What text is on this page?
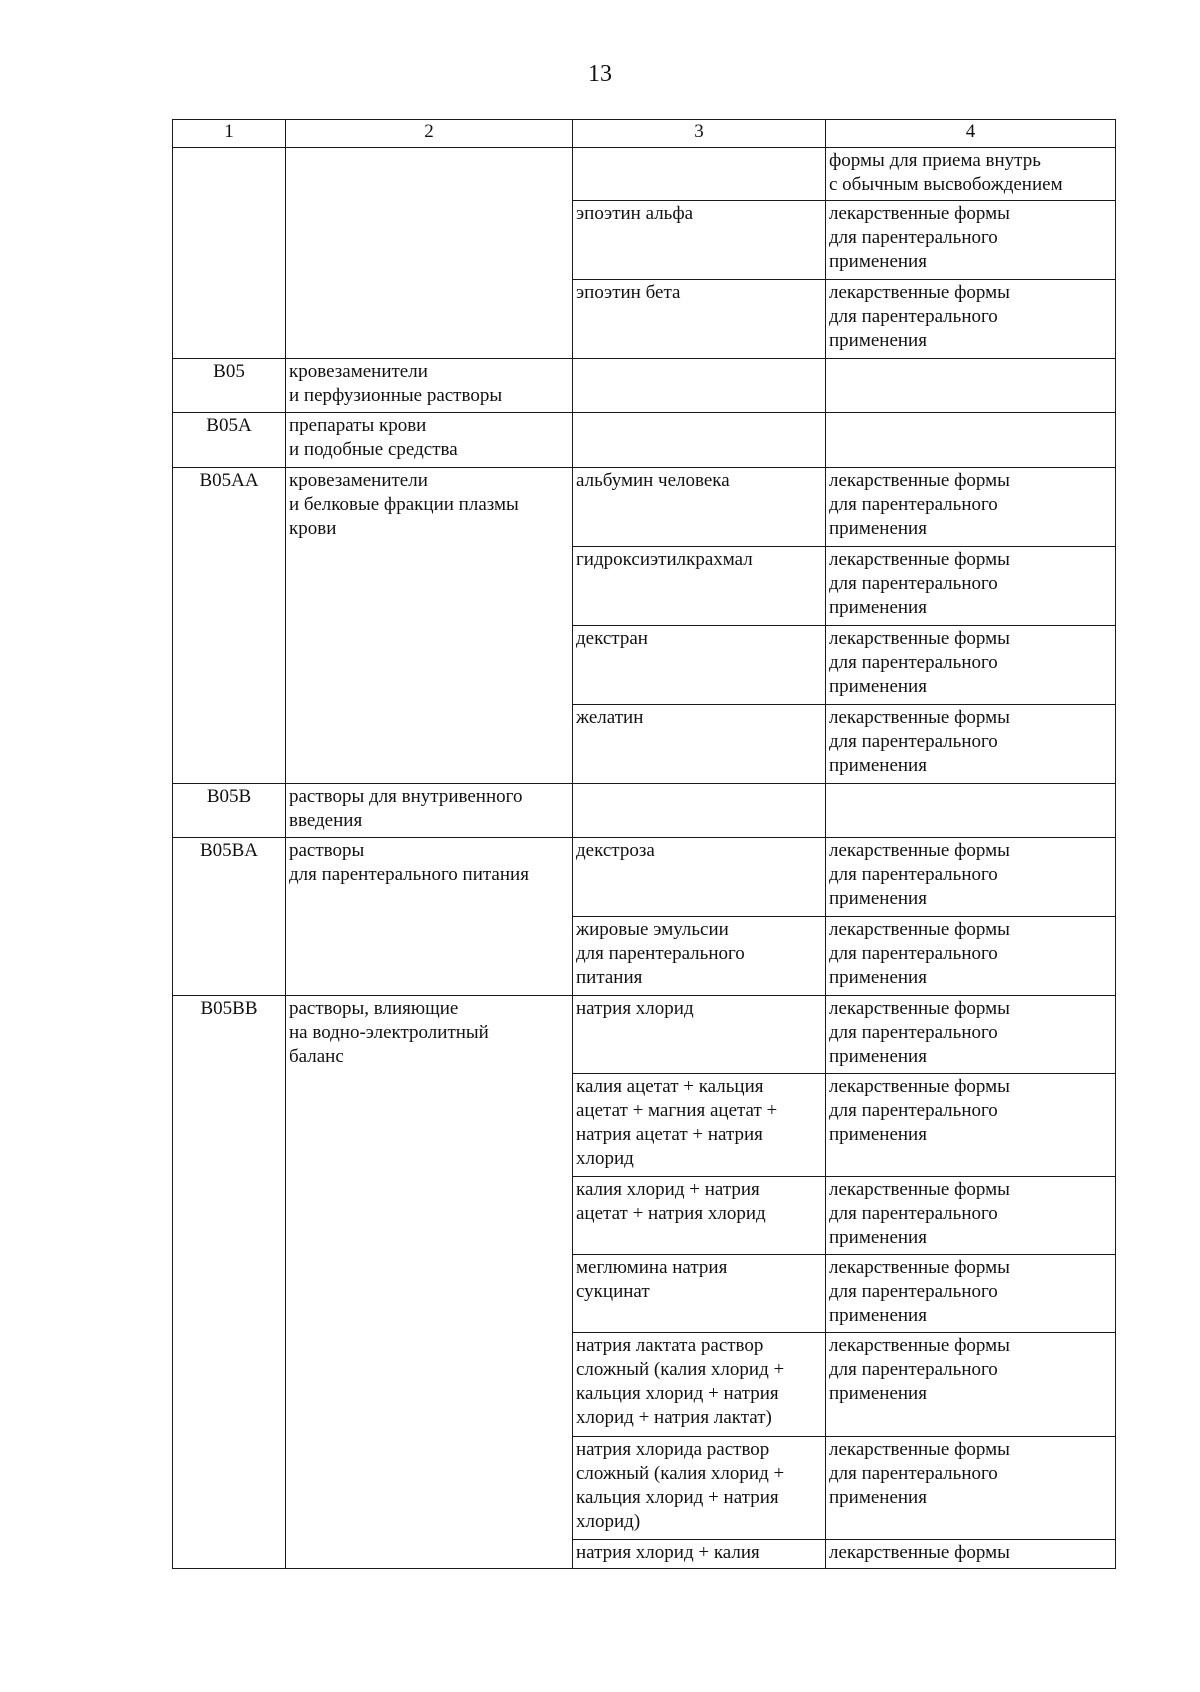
13
1	2	3	4
			формы для приема внутрь
с обычным высвобождением
		эпоэтин альфа	лекарственные формы
для парентерального
применения
		эпоэтин бета	лекарственные формы
для парентерального
применения
B05	кровезаменители
и перфузионные растворы		
B05A	препараты крови
и подобные средства		
B05AA	кровезаменители
и белковые фракции плазмы
крови	альбумин человека	лекарственные формы
для парентерального
применения
		гидроксиэтилкрахмал	лекарственные формы
для парентерального
применения
		декстран	лекарственные формы
для парентерального
применения
		желатин	лекарственные формы
для парентерального
применения
B05B	растворы для внутривенного
введения		
B05BA	растворы
для парентерального питания	декстроза	лекарственные формы
для парентерального
применения
		жировые эмульсии
для парентерального
питания	лекарственные формы
для парентерального
применения
B05BB	растворы, влияющие
на водно-электролитный
баланс	натрия хлорид	лекарственные формы
для парентерального
применения
		калия ацетат + кальция
ацетат + магния ацетат +
натрия ацетат + натрия
хлорид	лекарственные формы
для парентерального
применения
		калия хлорид + натрия
ацетат + натрия хлорид	лекарственные формы
для парентерального
применения
		меглюмина натрия
сукцинат	лекарственные формы
для парентерального
применения
		натрия лактата раствор
сложный (калия хлорид +
кальция хлорид + натрия
хлорид + натрия лактат)	лекарственные формы
для парентерального
применения
		натрия хлорида раствор
сложный (калия хлорид +
кальция хлорид + натрия
хлорид)	лекарственные формы
для парентерального
применения
		натрия хлорид + калия	лекарственные формы
